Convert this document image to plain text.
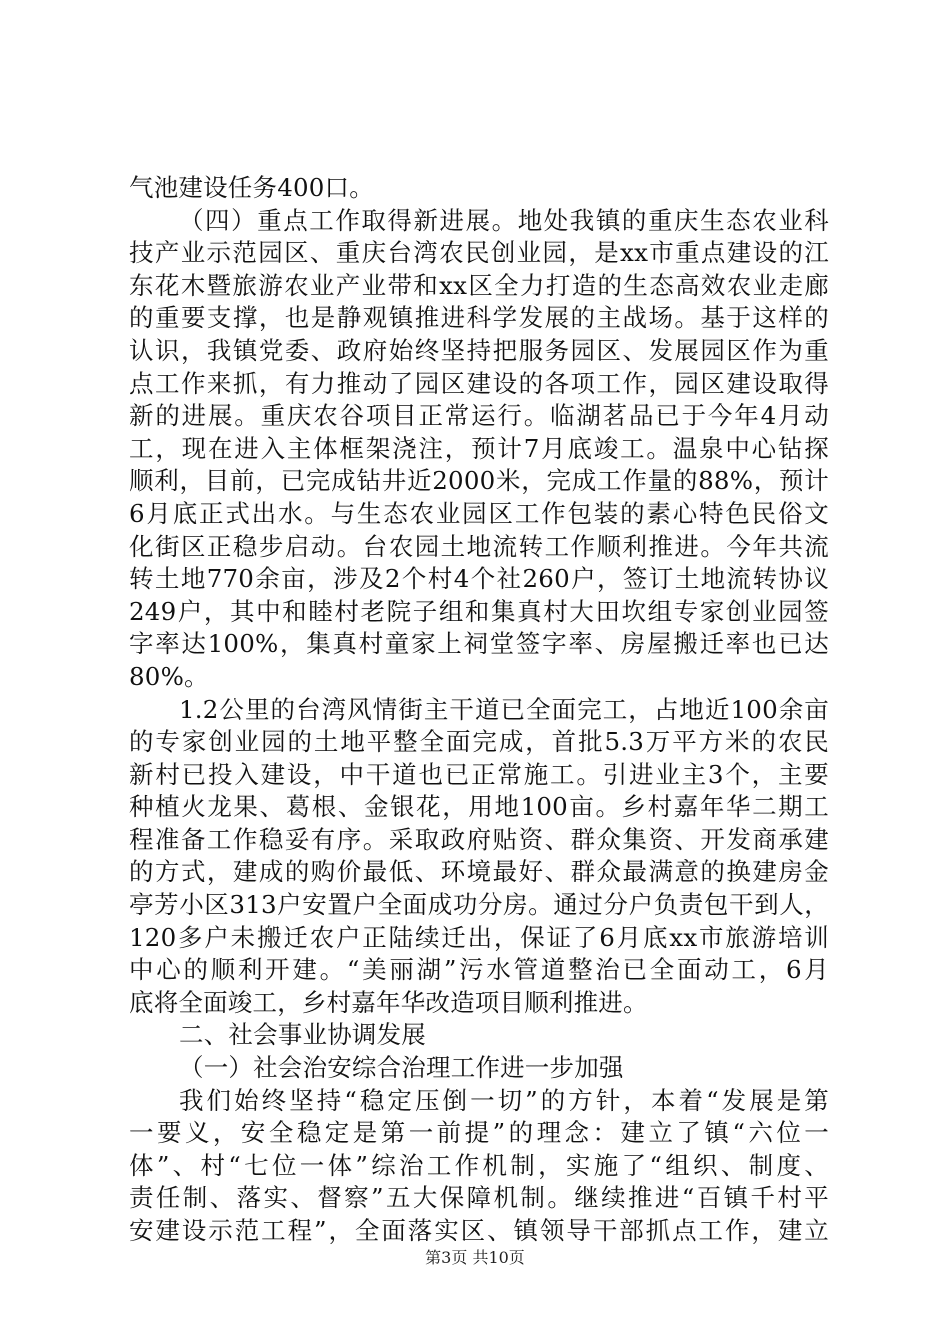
气池建设任务400口。
（四）重点工作取得新进展。地处我镇的重庆生态农业科
技产业示范园区、重庆台湾农民创业园，是xx市重点建设的江
东花木暨旅游农业产业带和xx区全力打造的生态高效农业走廊
的重要支撑，也是静观镇推进科学发展的主战场。基于这样的
认识，我镇党委、政府始终坚持把服务园区、发展园区作为重
点工作来抓，有力推动了园区建设的各项工作，园区建设取得
新的进展。重庆农谷项目正常运行。临湖茗品已于今年4月动
工，现在进入主体框架浇注，预计7月底竣工。温泉中心钻探
顺利，目前，已完成钻井近2000米，完成工作量的88%，预计
6月底正式出水。与生态农业园区工作包装的素心特色民俗文
化街区正稳步启动。台农园土地流转工作顺利推进。今年共流
转土地770余亩，涉及2个村4个社260户，签订土地流转协议
249户，其中和睦村老院子组和集真村大田坎组专家创业园签
字率达100%，集真村童家上祠堂签字率、房屋搬迁率也已达
80%。
1.2公里的台湾风情街主干道已全面完工，占地近100余亩
的专家创业园的土地平整全面完成，首批5.3万平方米的农民
新村已投入建设，中干道也已正常施工。引进业主3个，主要
种植火龙果、葛根、金银花，用地100亩。乡村嘉年华二期工
程准备工作稳妥有序。采取政府贴资、群众集资、开发商承建
的方式，建成的购价最低、环境最好、群众最满意的换建房金
亭芳小区313户安置户全面成功分房。通过分户负责包干到人，
120多户未搬迁农户正陆续迁出，保证了6月底xx市旅游培训
中心的顺利开建。“美丽湖”污水管道整治已全面动工，6月
底将全面竣工，乡村嘉年华改造项目顺利推进。
二、社会事业协调发展
（一）社会治安综合治理工作进一步加强
我们始终坚持“稳定压倒一切”的方针，本着“发展是第
一要义，安全稳定是第一前提”的理念：建立了镇“六位一
体”、村“七位一体”综治工作机制，实施了“组织、制度、
责任制、落实、督察”五大保障机制。继续推进“百镇千村平
安建设示范工程”，全面落实区、镇领导干部抓点工作，建立
第3页 共10页
